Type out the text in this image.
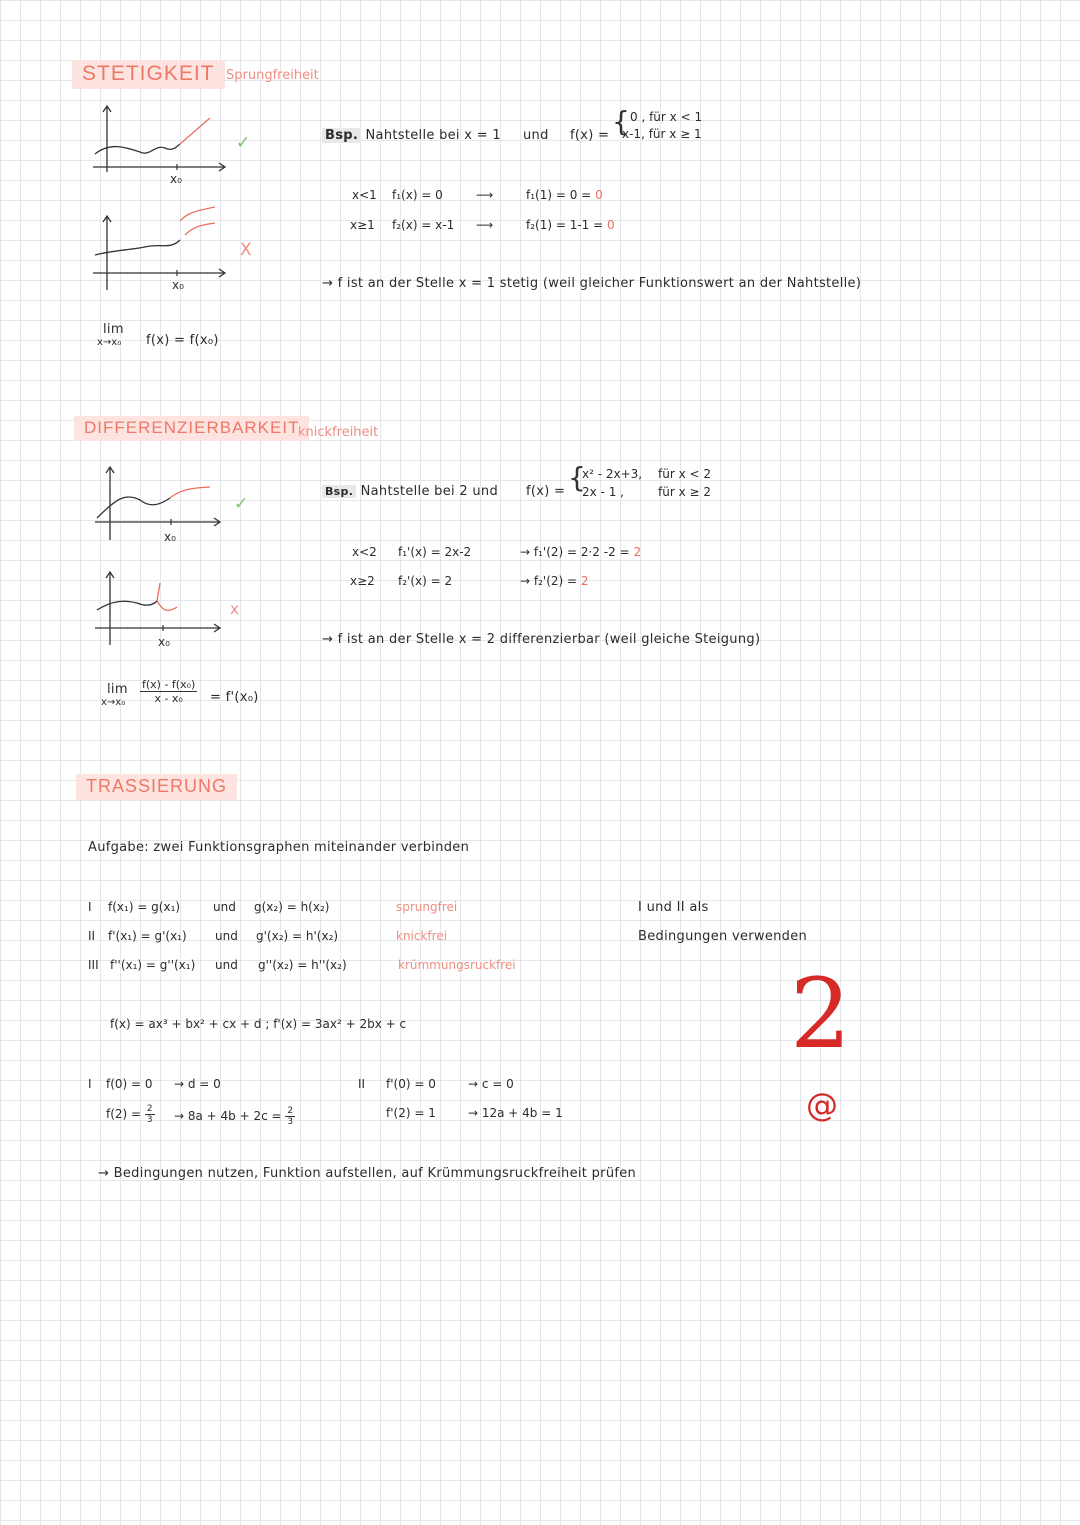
STETIGKEIT Sprungfreiheit
x₀
✓
x₀
X
lim
x→x₀ f(x) = f(x₀)
Bsp. Nahtstelle bei x = 1 und f(x) = { 0 , für x < 1
x-1, für x ≥ 1
x<1 f₁(x) = 0	⟶	f₁(1) = 0 = 0
x≥1 f₂(x) = x-1 ⟶	f₂(1) = 1-1 = 0
→ f ist an der Stelle x = 1 stetig (weil gleicher Funktionswert an der Nahtstelle)
DIFFERENZIERBARKEIT
knickfreiheit
x₀
✓
x₀
x
lim
$x\to x_0 \frac{\text{f(x) - f(x₀)}}{\text{x - x₀}} = f'(x_0)$
Bsp. Nahtstelle bei 2 und f(x) = {
x² - 2x+3, für x < 2
2x - 1 ,	für x ≥ 2
x<2 f₁'(x) = 2x-2	→ f₁'(2) = 2·2 -2 = 2
x≥2 f₂'(x) = 2	→ f₂'(2) = 2
→ f ist an der Stelle x = 2 differenzierbar (weil gleiche Steigung)
TRASSIERUNG
Aufgabe: zwei Funktionsgraphen miteinander verbinden
I f(x₁) = g(x₁)	und g(x₂) = h(x₂)	sprungfrei
II f'(x₁) = g'(x₁) und g'(x₂) = h'(x₂)	knickfrei
III f''(x₁) = g''(x₁) und g''(x₂) = h''(x₂)	krümmungsruckfrei
I und II als
Bedingungen verwenden
f(x) = ax³ + bx² + cx + d ; f'(x) = 3ax² + 2bx + c
I f(0) = 0 → d = 0
$f(2) = \frac{2}{3} \to 8a + 4b + 2c = \frac{2}{3}$
II f'(0) = 0	→ c = 0
f'(2) = 1	→ 12a + 4b = 1
→ Bedingungen nutzen, Funktion aufstellen, auf Krümmungsruckfreiheit prüfen
2
@
